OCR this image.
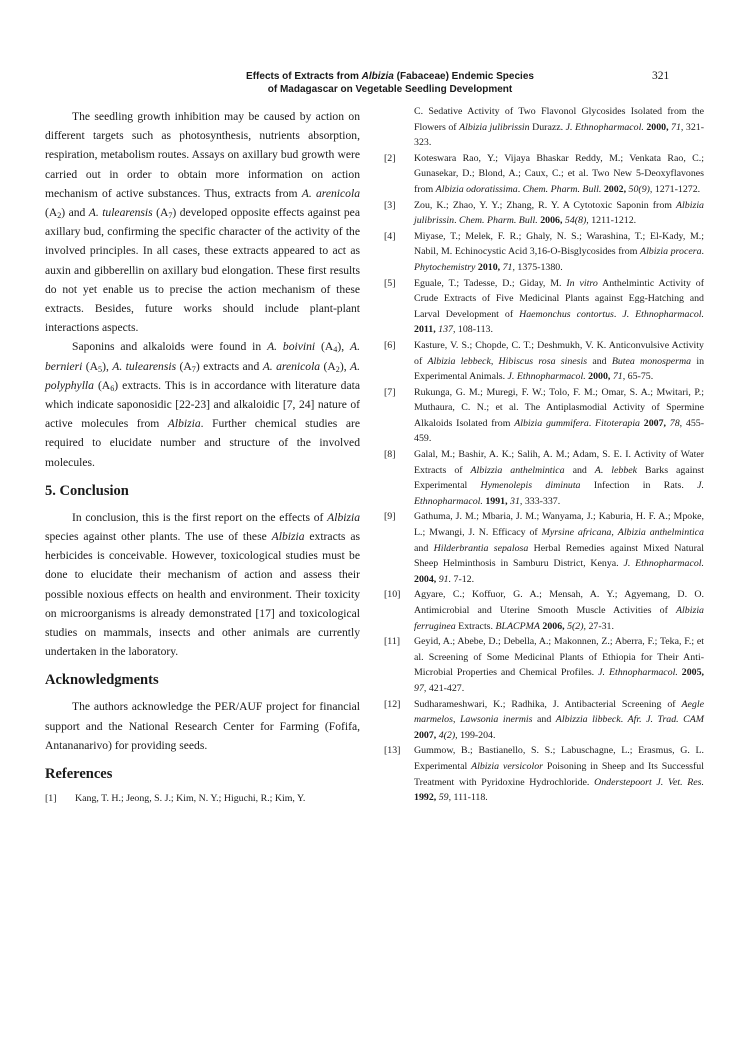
Effects of Extracts from Albizia (Fabaceae) Endemic Species
of Madagascar on Vegetable Seedling Development
321

The seedling growth inhibition may be caused by action on different targets such as photosynthesis, nutrients absorption, respiration, metabolism routes. Assays on axillary bud growth were carried out in order to obtain more information on action mechanism of active substances. Thus, extracts from A. arenicola $(A_2)$ and A. tulearensis $(A_7)$ developed opposite effects against pea axillary bud, confirming the specific character of the activity of the involved principles. In all cases, these extracts appeared to act as auxin and gibberellin on axillary bud elongation. These first results do not yet enable us to precise the action mechanism of these extracts. Besides, future works should include plant-plant interactions aspects.

Saponins and alkaloids were found in A. boivini $(A_4)$, A. bernieri $(A_5)$, A. tulearensis $(A_7)$ extracts and A. arenicola $(A_2)$, A. polyphylla $(A_6)$ extracts. This is in accordance with literature data which indicate saponosidic [22-23] and alkaloidic [7, 24] nature of active molecules from Albizia. Further chemical studies are required to elucidate number and structure of the involved molecules.

5. Conclusion

In conclusion, this is the first report on the effects of Albizia species against other plants. The use of these Albizia extracts as herbicides is conceivable. However, toxicological studies must be done to elucidate their mechanism of action and assess their possible noxious effects on health and environment. Their toxicity on microorganisms is already demonstrated [17] and toxicological studies on mammals, insects and other animals are currently undertaken in the laboratory.

Acknowledgments

The authors acknowledge the PER/AUF project for financial support and the National Research Center for Farming (Fofifa, Antananarivo) for providing seeds.

References
[1]	Kang, T. H.; Jeong, S. J.; Kim, N. Y.; Higuchi, R.; Kim, Y.
C. Sedative Activity of Two Flavonol Glycosides Isolated from the Flowers of Albizia julibrissin Durazz. J. Ethnopharmacol. 2000, 71, 321-323.
[2]	Koteswara Rao, Y.; Vijaya Bhaskar Reddy, M.; Venkata Rao, C.; Gunasekar, D.; Blond, A.; Caux, C.; et al. Two New 5-Deoxyflavones from Albizia odoratissima. Chem. Pharm. Bull. 2002, 50(9), 1271-1272.
[3]	Zou, K.; Zhao, Y. Y.; Zhang, R. Y. A Cytotoxic Saponin from Albizia julibrissin. Chem. Pharm. Bull. 2006, 54(8), 1211-1212.
[4]	Miyase, T.; Melek, F. R.; Ghaly, N. S.; Warashina, T.; El-Kady, M.; Nabil, M. Echinocystic Acid 3,16-O-Bisglycosides from Albizia procera. Phytochemistry 2010, 71, 1375-1380.
[5]	Eguale, T.; Tadesse, D.; Giday, M. In vitro Anthelmintic Activity of Crude Extracts of Five Medicinal Plants against Egg-Hatching and Larval Development of Haemonchus contortus. J. Ethnopharmacol. 2011, 137, 108-113.
[6]	Kasture, V. S.; Chopde, C. T.; Deshmukh, V. K. Anticonvulsive Activity of Albizia lebbeck, Hibiscus rosa sinesis and Butea monosperma in Experimental Animals. J. Ethnopharmacol. 2000, 71, 65-75.
[7]	Rukunga, G. M.; Muregi, F. W.; Tolo, F. M.; Omar, S. A.; Mwitari, P.; Muthaura, C. N.; et al. The Antiplasmodial Activity of Spermine Alkaloids Isolated from Albizia gummifera. Fitoterapia 2007, 78, 455-459.
[8]	Galal, M.; Bashir, A. K.; Salih, A. M.; Adam, S. E. I. Activity of Water Extracts of Albizzia anthelmintica and A. lebbek Barks against Experimental Hymenolepis diminuta Infection in Rats. J. Ethnopharmacol. 1991, 31, 333-337.
[9]	Gathuma, J. M.; Mbaria, J. M.; Wanyama, J.; Kaburia, H. F. A.; Mpoke, L.; Mwangi, J. N. Efficacy of Myrsine africana, Albizia anthelmintica and Hilderbrantia sepalosa Herbal Remedies against Mixed Natural Sheep Helminthosis in Samburu District, Kenya. J. Ethnopharmacol. 2004, 91. 7-12.
[10]	Agyare, C.; Koffuor, G. A.; Mensah, A. Y.; Agyemang, D. O. Antimicrobial and Uterine Smooth Muscle Activities of Albizia ferruginea Extracts. BLACPMA 2006, 5(2), 27-31.
[11]	Geyid, A.; Abebe, D.; Debella, A.; Makonnen, Z.; Aberra, F.; Teka, F.; et al. Screening of Some Medicinal Plants of Ethiopia for Their Anti-Microbial Properties and Chemical Profiles. J. Ethnopharmacol. 2005, 97, 421-427.
[12]	Sudharameshwari, K.; Radhika, J. Antibacterial Screening of Aegle marmelos, Lawsonia inermis and Albizzia libbeck. Afr. J. Trad. CAM 2007, 4(2), 199-204.
[13]	Gummow, B.; Bastianello, S. S.; Labuschagne, L.; Erasmus, G. L. Experimental Albizia versicolor Poisoning in Sheep and Its Successful Treatment with Pyridoxine Hydrochloride. Onderstepoort J. Vet. Res. 1992, 59, 111-118.
